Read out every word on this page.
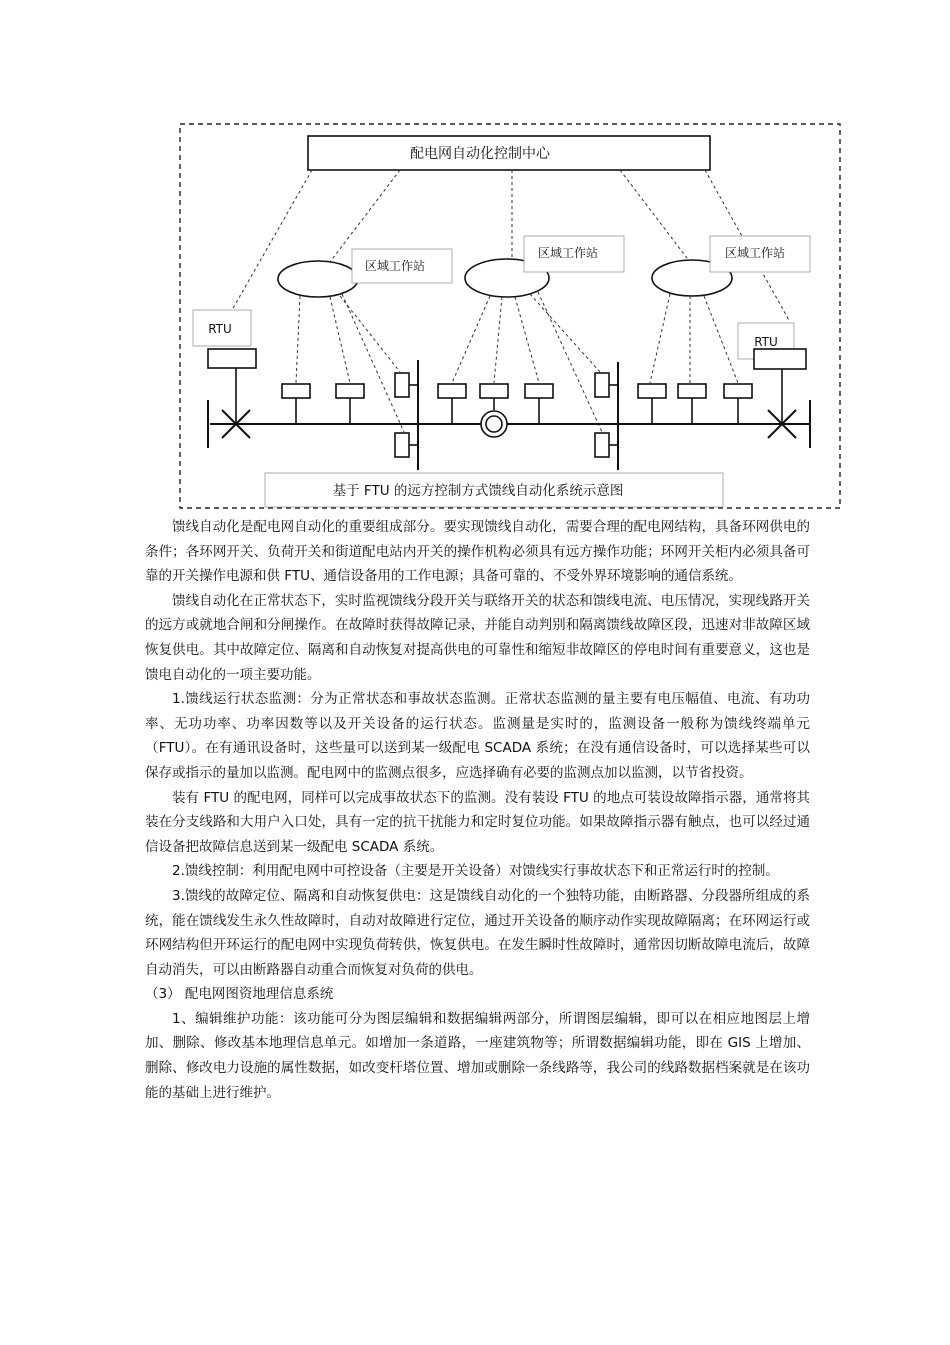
配电网自动化控制中心
区域工作站
区域工作站	区域工作站
RTU
RTU
基于 FTU 的远方控制方式馈线自动化系统示意图

馈线自动化是配电网自动化的重要组成部分。要实现馈线自动化，需要合理的配电网结构，具备环网供电的条件；各环网开关、负荷开关和街道配电站内开关的操作机构必须具有远方操作功能；环网开关柜内必须具备可靠的开关操作电源和供 FTU、通信设备用的工作电源；具备可靠的、不受外界环境影响的通信系统。

馈线自动化在正常状态下，实时监视馈线分段开关与联络开关的状态和馈线电流、电压情况，实现线路开关的远方或就地合闸和分闸操作。在故障时获得故障记录，并能自动判别和隔离馈线故障区段，迅速对非故障区域恢复供电。其中故障定位、隔离和自动恢复对提高供电的可靠性和缩短非故障区的停电时间有重要意义，这也是馈电自动化的一项主要功能。

1.馈线运行状态监测：分为正常状态和事故状态监测。正常状态监测的量主要有电压幅值、电流、有功功率、无功功率、功率因数等以及开关设备的运行状态。监测量是实时的，监测设备一般称为馈线终端单元（FTU）。在有通讯设备时，这些量可以送到某一级配电 SCADA 系统；在没有通信设备时，可以选择某些可以保存或指示的量加以监测。配电网中的监测点很多，应选择确有必要的监测点加以监测，以节省投资。

装有 FTU 的配电网，同样可以完成事故状态下的监测。没有装设 FTU 的地点可装设故障指示器，通常将其装在分支线路和大用户入口处，具有一定的抗干扰能力和定时复位功能。如果故障指示器有触点，也可以经过通信设备把故障信息送到某一级配电 SCADA 系统。

2.馈线控制：利用配电网中可控设备（主要是开关设备）对馈线实行事故状态下和正常运行时的控制。

3.馈线的故障定位、隔离和自动恢复供电：这是馈线自动化的一个独特功能，由断路器、分段器所组成的系统，能在馈线发生永久性故障时，自动对故障进行定位，通过开关设备的顺序动作实现故障隔离；在环网运行或环网结构但开环运行的配电网中实现负荷转供，恢复供电。在发生瞬时性故障时，通常因切断故障电流后，故障自动消失，可以由断路器自动重合而恢复对负荷的供电。

（3） 配电网图资地理信息系统

1、编辑维护功能：该功能可分为图层编辑和数据编辑两部分，所谓图层编辑，即可以在相应地图层上增加、删除、修改基本地理信息单元。如增加一条道路，一座建筑物等；所谓数据编辑功能，即在 GIS 上增加、删除、修改电力设施的属性数据，如改变杆塔位置、增加或删除一条线路等，我公司的线路数据档案就是在该功能的基础上进行维护。
